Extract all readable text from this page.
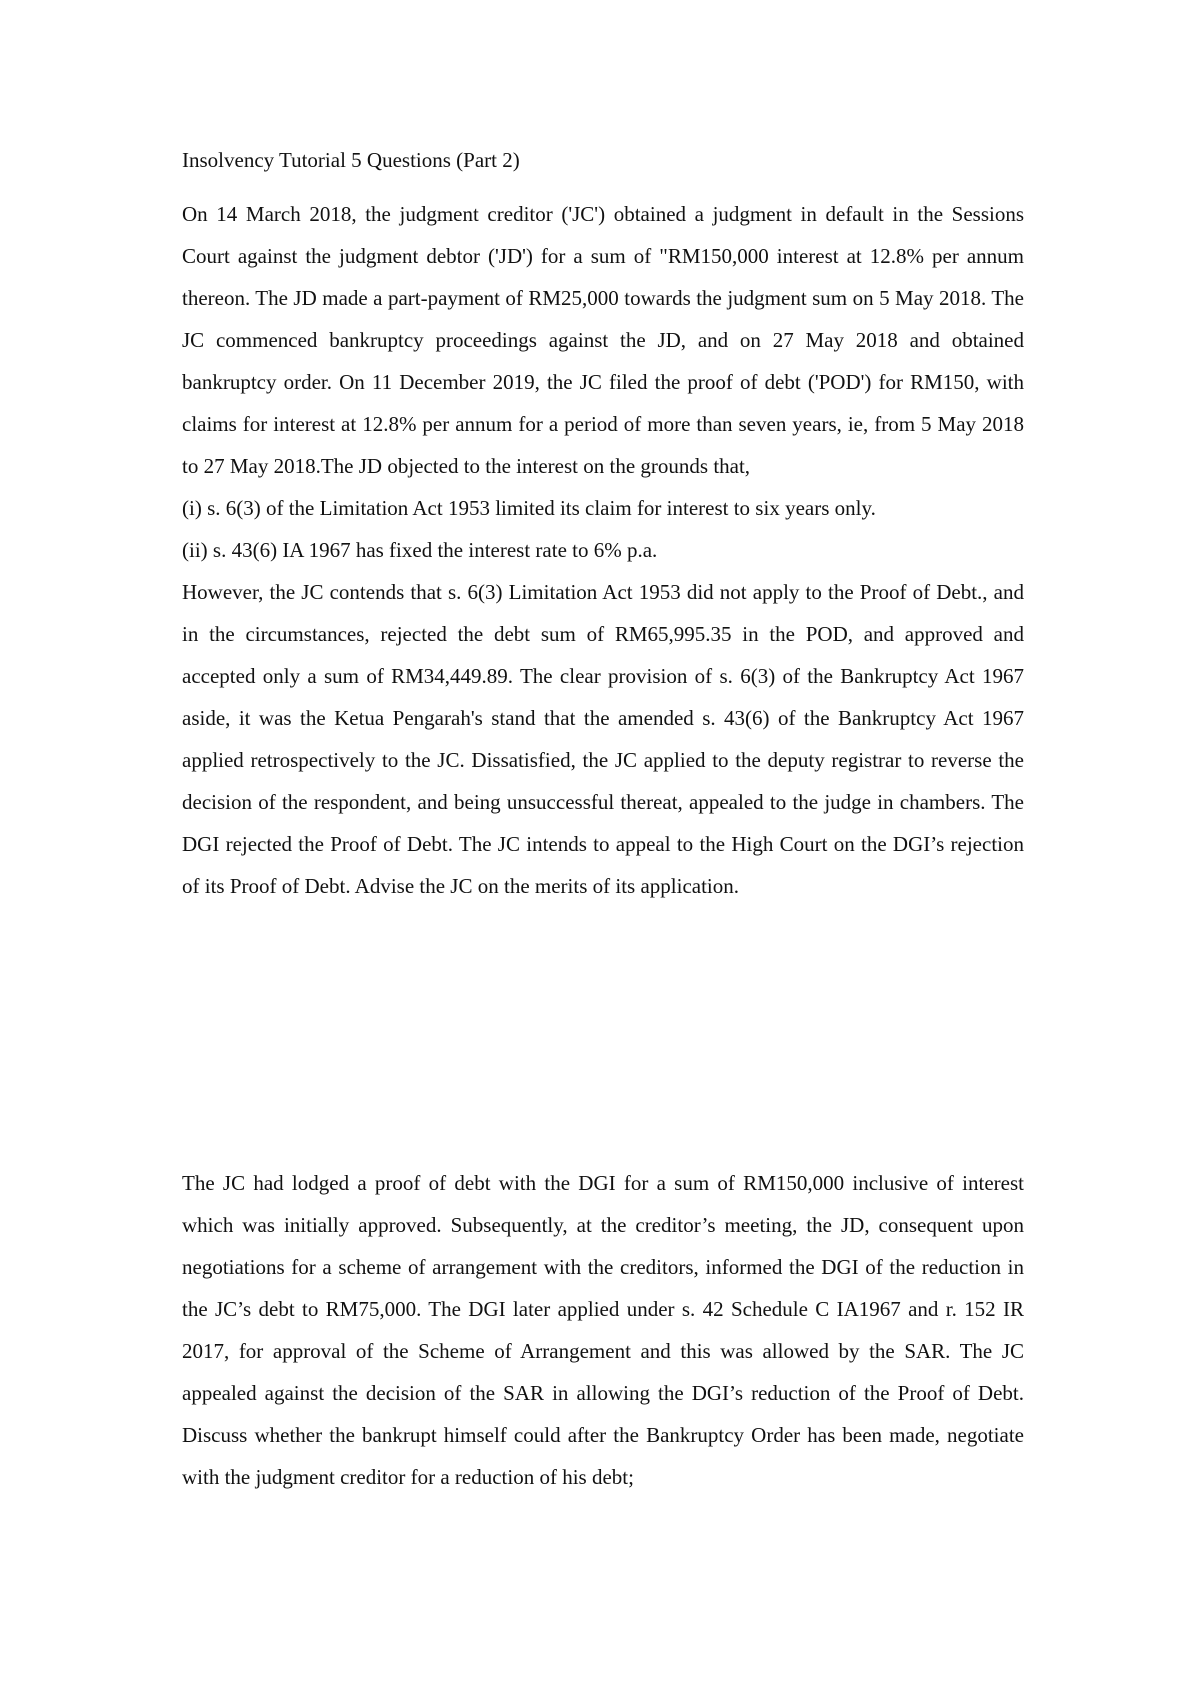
Insolvency Tutorial 5 Questions (Part 2)

On 14 March 2018, the judgment creditor ('JC') obtained a judgment in default in the Sessions Court against the judgment debtor ('JD') for a sum of "RM150,000 interest at 12.8% per annum thereon. The JD made a part-payment of RM25,000 towards the judgment sum on 5 May 2018. The JC commenced bankruptcy proceedings against the JD, and on 27 May 2018 and obtained bankruptcy order. On 11 December 2019, the JC filed the proof of debt ('POD') for RM150, with claims for interest at 12.8% per annum for a period of more than seven years, ie, from 5 May 2018 to 27 May 2018.The JD objected to the interest on the grounds that,

(i) s. 6(3) of the Limitation Act 1953 limited its claim for interest to six years only.

(ii) s. 43(6) IA 1967 has fixed the interest rate to 6% p.a.

However, the JC contends that s. 6(3) Limitation Act 1953 did not apply to the Proof of Debt., and in the circumstances, rejected the debt sum of RM65,995.35 in the POD, and approved and accepted only a sum of RM34,449.89. The clear provision of s. 6(3) of the Bankruptcy Act 1967 aside, it was the Ketua Pengarah's stand that the amended s. 43(6) of the Bankruptcy Act 1967 applied retrospectively to the JC. Dissatisfied, the JC applied to the deputy registrar to reverse the decision of the respondent, and being unsuccessful thereat, appealed to the judge in chambers. The DGI rejected the Proof of Debt. The JC intends to appeal to the High Court on the DGI’s rejection of its Proof of Debt. Advise the JC on the merits of its application.

The JC had lodged a proof of debt with the DGI for a sum of RM150,000 inclusive of interest which was initially approved. Subsequently, at the creditor’s meeting, the JD, consequent upon negotiations for a scheme of arrangement with the creditors, informed the DGI of the reduction in the JC’s debt to RM75,000. The DGI later applied under s. 42 Schedule C IA1967 and r. 152 IR 2017, for approval of the Scheme of Arrangement and this was allowed by the SAR. The JC appealed against the decision of the SAR in allowing the DGI’s reduction of the Proof of Debt. Discuss whether the bankrupt himself could after the Bankruptcy Order has been made, negotiate with the judgment creditor for a reduction of his debt;
